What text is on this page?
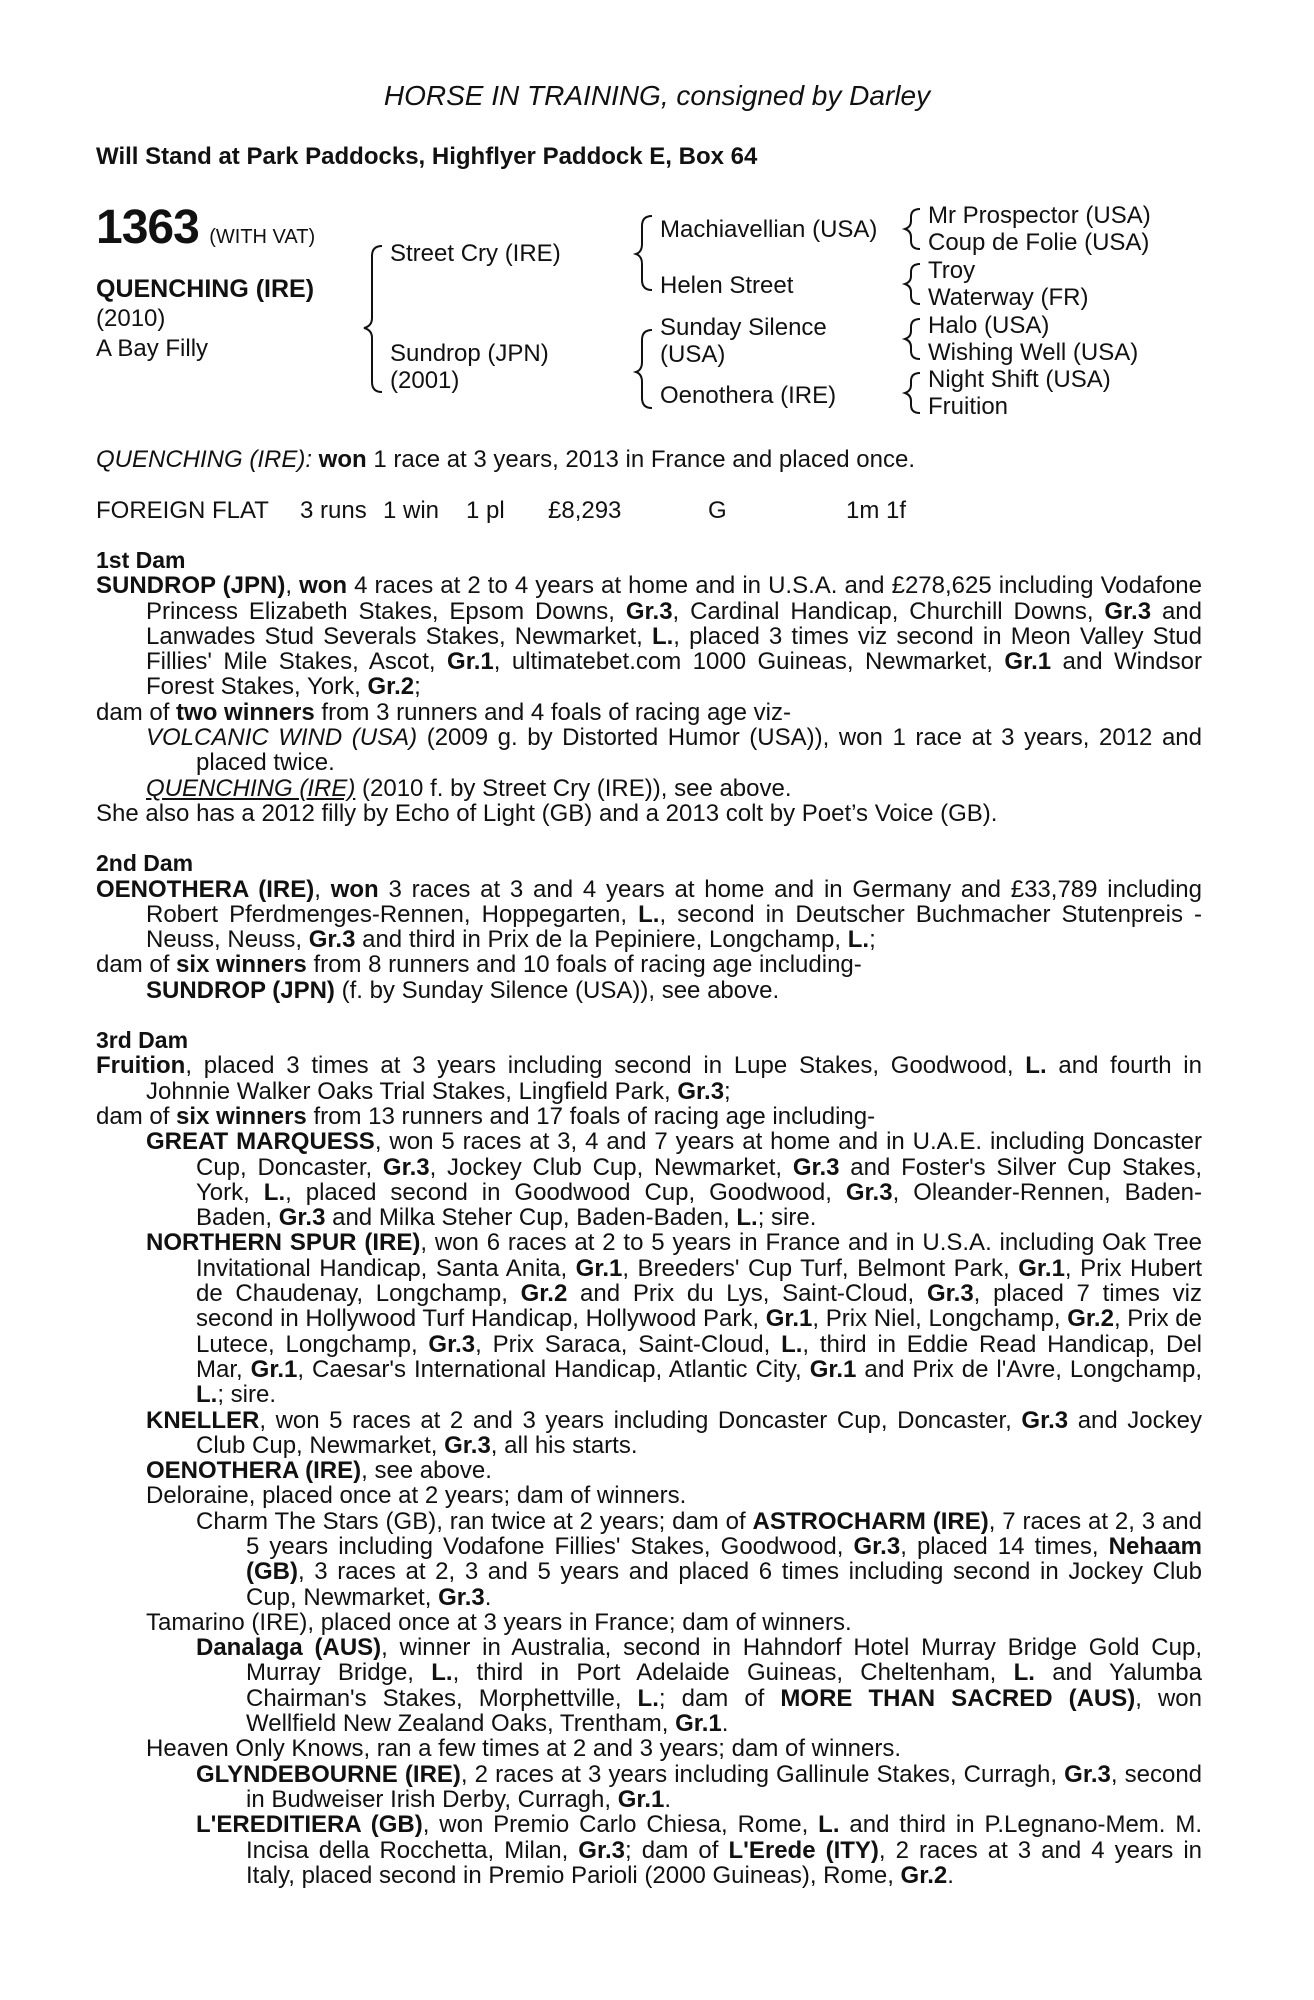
HORSE IN TRAINING, consigned by Darley
Will Stand at Park Paddocks, Highflyer Paddock E, Box 64
1363 (WITH VAT)
QUENCHING (IRE)
(2010)
A Bay Filly
Street Cry (IRE)
Sundrop (JPN)
(2001)
Machiavellian (USA)
Helen Street
Sunday Silence
(USA)
Oenothera (IRE)
Mr Prospector (USA)
Coup de Folie (USA)
Troy
Waterway (FR)
Halo (USA)
Wishing Well (USA)
Night Shift (USA)
Fruition
QUENCHING (IRE): won 1 race at 3 years, 2013 in France and placed once.
FOREIGN FLAT 3 runs 1 win 1 pl £8,293	G	1m 1f
1st Dam
SUNDROP (JPN), won 4 races at 2 to 4 years at home and in U.S.A. and £278,625 including Vodafone Princess Elizabeth Stakes, Epsom Downs, Gr.3, Cardinal Handicap, Churchill Downs, Gr.3 and Lanwades Stud Severals Stakes, Newmarket, L., placed 3 times viz second in Meon Valley Stud Fillies' Mile Stakes, Ascot, Gr.1, ultimatebet.com 1000 Guineas, Newmarket, Gr.1 and Windsor Forest Stakes, York, Gr.2;
dam of two winners from 3 runners and 4 foals of racing age viz-
VOLCANIC WIND (USA) (2009 g. by Distorted Humor (USA)), won 1 race at 3 years, 2012 and placed twice.
QUENCHING (IRE) (2010 f. by Street Cry (IRE)), see above.
She also has a 2012 filly by Echo of Light (GB) and a 2013 colt by Poet’s Voice (GB).
2nd Dam
OENOTHERA (IRE), won 3 races at 3 and 4 years at home and in Germany and £33,789 including Robert Pferdmenges-Rennen, Hoppegarten, L., second in Deutscher Buchmacher Stutenpreis - Neuss, Neuss, Gr.3 and third in Prix de la Pepiniere, Longchamp, L.;
dam of six winners from 8 runners and 10 foals of racing age including-
SUNDROP (JPN) (f. by Sunday Silence (USA)), see above.
3rd Dam
Fruition, placed 3 times at 3 years including second in Lupe Stakes, Goodwood, L. and fourth in Johnnie Walker Oaks Trial Stakes, Lingfield Park, Gr.3;
dam of six winners from 13 runners and 17 foals of racing age including-
GREAT MARQUESS, won 5 races at 3, 4 and 7 years at home and in U.A.E. including Doncaster Cup, Doncaster, Gr.3, Jockey Club Cup, Newmarket, Gr.3 and Foster's Silver Cup Stakes, York, L., placed second in Goodwood Cup, Goodwood, Gr.3, Oleander-Rennen, Baden-Baden, Gr.3 and Milka Steher Cup, Baden-Baden, L.; sire.
NORTHERN SPUR (IRE), won 6 races at 2 to 5 years in France and in U.S.A. including Oak Tree Invitational Handicap, Santa Anita, Gr.1, Breeders' Cup Turf, Belmont Park, Gr.1, Prix Hubert de Chaudenay, Longchamp, Gr.2 and Prix du Lys, Saint-Cloud, Gr.3, placed 7 times viz second in Hollywood Turf Handicap, Hollywood Park, Gr.1, Prix Niel, Longchamp, Gr.2, Prix de Lutece, Longchamp, Gr.3, Prix Saraca, Saint-Cloud, L., third in Eddie Read Handicap, Del Mar, Gr.1, Caesar's International Handicap, Atlantic City, Gr.1 and Prix de l'Avre, Longchamp, L.; sire.
KNELLER, won 5 races at 2 and 3 years including Doncaster Cup, Doncaster, Gr.3 and Jockey Club Cup, Newmarket, Gr.3, all his starts.
OENOTHERA (IRE), see above.
Deloraine, placed once at 2 years; dam of winners.
Charm The Stars (GB), ran twice at 2 years; dam of ASTROCHARM (IRE), 7 races at 2, 3 and 5 years including Vodafone Fillies' Stakes, Goodwood, Gr.3, placed 14 times, Nehaam (GB), 3 races at 2, 3 and 5 years and placed 6 times including second in Jockey Club Cup, Newmarket, Gr.3.
Tamarino (IRE), placed once at 3 years in France; dam of winners.
Danalaga (AUS), winner in Australia, second in Hahndorf Hotel Murray Bridge Gold Cup, Murray Bridge, L., third in Port Adelaide Guineas, Cheltenham, L. and Yalumba Chairman's Stakes, Morphettville, L.; dam of MORE THAN SACRED (AUS), won Wellfield New Zealand Oaks, Trentham, Gr.1.
Heaven Only Knows, ran a few times at 2 and 3 years; dam of winners.
GLYNDEBOURNE (IRE), 2 races at 3 years including Gallinule Stakes, Curragh, Gr.3, second in Budweiser Irish Derby, Curragh, Gr.1.
L'EREDITIERA (GB), won Premio Carlo Chiesa, Rome, L. and third in P.Legnano-Mem. M. Incisa della Rocchetta, Milan, Gr.3; dam of L'Erede (ITY), 2 races at 3 and 4 years in Italy, placed second in Premio Parioli (2000 Guineas), Rome, Gr.2.
